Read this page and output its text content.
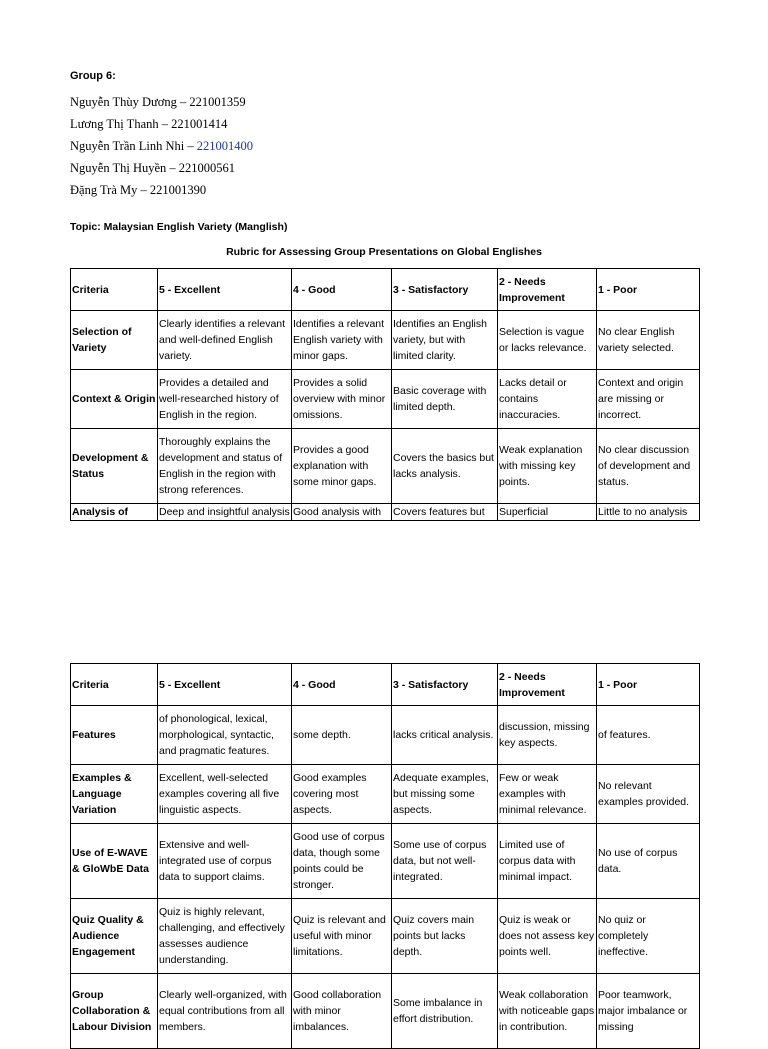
Group 6:
Nguyễn Thùy Dương – 221001359
Lương Thị Thanh – 221001414
Nguyễn Trần Linh Nhi – 221001400
Nguyễn Thị Huyền – 221000561
Đặng Trà My – 221001390
Topic: Malaysian English Variety (Manglish)
Rubric for Assessing Group Presentations on Global Englishes
Criteria	5 - Excellent	4 - Good	3 - Satisfactory	2 - Needs Improvement	1 - Poor
Selection of Variety	Clearly identifies a relevant and well-defined English variety.	Identifies a relevant English variety with minor gaps.	Identifies an English variety, but with limited clarity.	Selection is vague or lacks relevance.	No clear English variety selected.
Context & Origin	Provides a detailed and well-researched history of English in the region.	Provides a solid overview with minor omissions.	Basic coverage with limited depth.	Lacks detail or contains inaccuracies.	Context and origin are missing or incorrect.
Development & Status	Thoroughly explains the development and status of English in the region with strong references.	Provides a good explanation with some minor gaps.	Covers the basics but lacks analysis.	Weak explanation with missing key points.	No clear discussion of development and status.
Analysis of	Deep and insightful analysis	Good analysis with	Covers features but	Superficial	Little to no analysis
Criteria	5 - Excellent	4 - Good	3 - Satisfactory	2 - Needs Improvement	1 - Poor
Features	of phonological, lexical, morphological, syntactic, and pragmatic features.	some depth.	lacks critical analysis.	discussion, missing key aspects.	of features.
Examples & Language Variation	Excellent, well-selected examples covering all five linguistic aspects.	Good examples covering most aspects.	Adequate examples, but missing some aspects.	Few or weak examples with minimal relevance.	No relevant examples provided.
Use of E-WAVE & GloWbE Data	Extensive and well-integrated use of corpus data to support claims.	Good use of corpus data, though some points could be stronger.	Some use of corpus data, but not well-integrated.	Limited use of corpus data with minimal impact.	No use of corpus data.
Quiz Quality & Audience Engagement	Quiz is highly relevant, challenging, and effectively assesses audience understanding.	Quiz is relevant and useful with minor limitations.	Quiz covers main points but lacks depth.	Quiz is weak or does not assess key points well.	No quiz or completely ineffective.
Group Collaboration & Labour Division	Clearly well-organized, with equal contributions from all members.	Good collaboration with minor imbalances.	Some imbalance in effort distribution.	Weak collaboration with noticeable gaps in contribution.	Poor teamwork, major imbalance or missing
